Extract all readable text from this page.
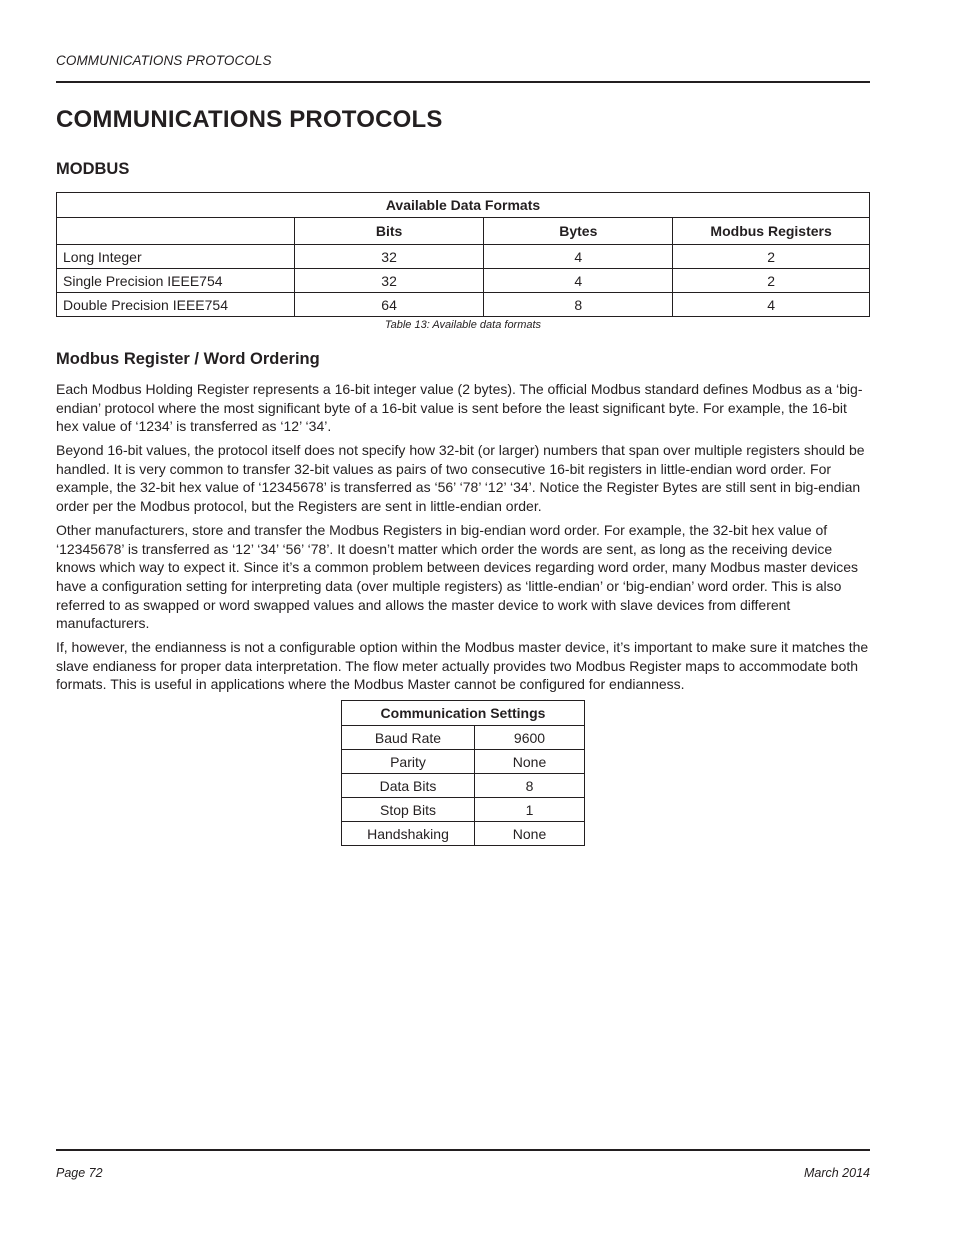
COMMUNICATIONS PROTOCOLS
COMMUNICATIONS PROTOCOLS
MODBUS
Available Data Formats			
	Bits	Bytes	Modbus Registers
Long Integer	32	4	2
Single Precision IEEE754	32	4	2
Double Precision IEEE754	64	8	4
Table 13: Available data formats
Modbus Register / Word Ordering

Each Modbus Holding Register represents a 16-bit integer value (2 bytes). The official Modbus standard defines Modbus as a ‘big-endian’ protocol where the most significant byte of a 16-bit value is sent before the least significant byte. For example, the 16-bit hex value of ‘1234’ is transferred as ‘12’ ‘34’.

Beyond 16-bit values, the protocol itself does not specify how 32-bit (or larger) numbers that span over multiple registers should be handled. It is very common to transfer 32-bit values as pairs of two consecutive 16-bit registers in little-endian word order. For example, the 32-bit hex value of ‘12345678’ is transferred as ‘56’ ‘78’ ‘12’ ‘34’. Notice the Register Bytes are still sent in big-endian order per the Modbus protocol, but the Registers are sent in little-endian order.

Other manufacturers, store and transfer the Modbus Registers in big-endian word order. For example, the 32-bit hex value of ‘12345678’ is transferred as ‘12’ ‘34’ ‘56’ ‘78’. It doesn’t matter which order the words are sent, as long as the receiving device knows which way to expect it. Since it’s a common problem between devices regarding word order, many Modbus master devices have a configuration setting for interpreting data (over multiple registers) as ‘little-endian’ or ‘big-endian’ word order. This is also referred to as swapped or word swapped values and allows the master device to work with slave devices from different manufacturers.

If, however, the endianness is not a configurable option within the Modbus master device, it’s important to make sure it matches the slave endianess for proper data interpretation. The flow meter actually provides two Modbus Register maps to accommodate both formats. This is useful in applications where the Modbus Master cannot be configured for endianness.

Communication Settings	
Baud Rate	9600
Parity	None
Data Bits	8
Stop Bits	1
Handshaking	None
Page 72	March 2014
